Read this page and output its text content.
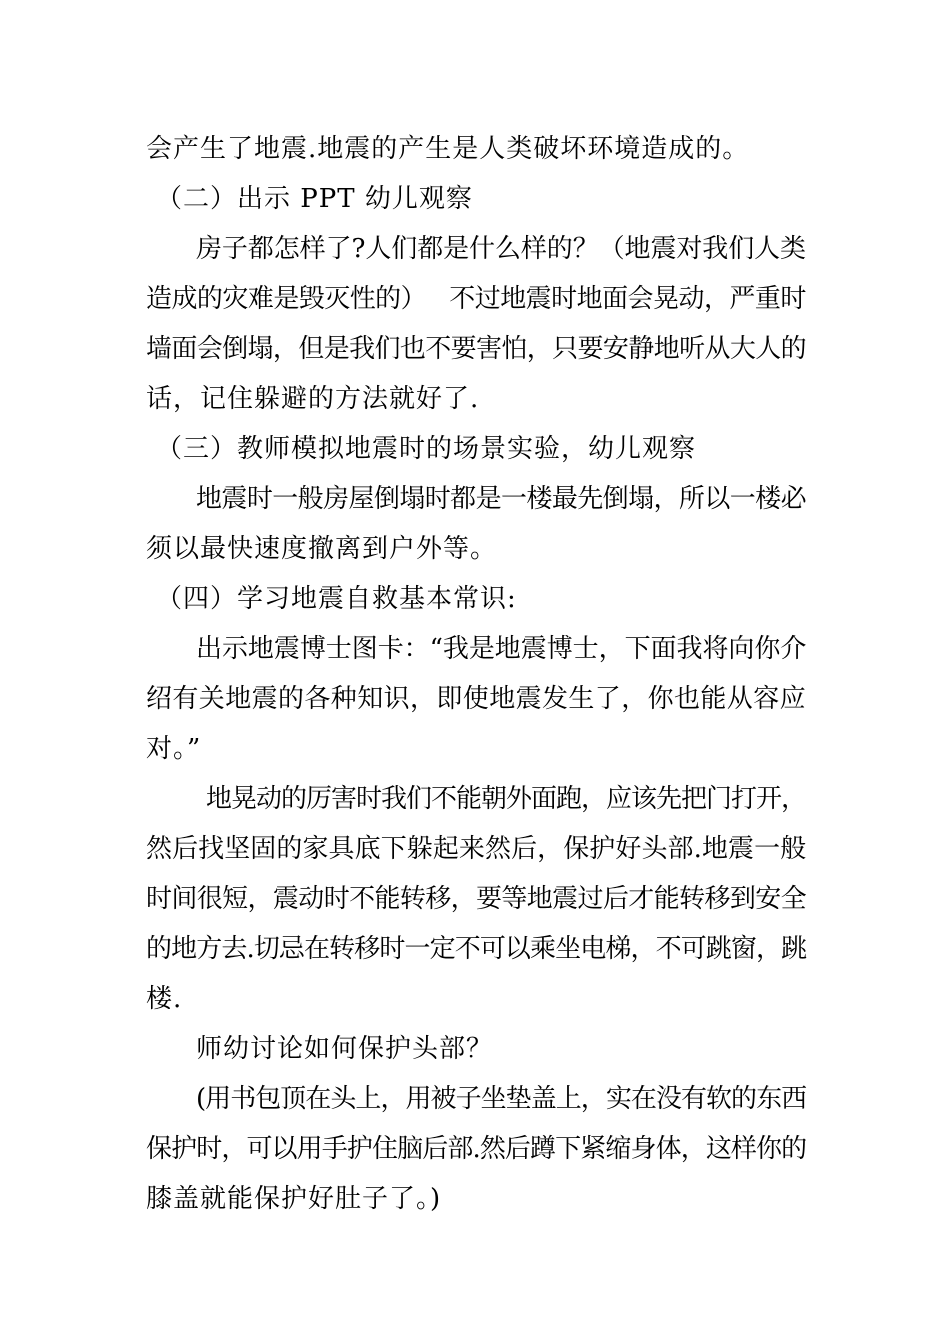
会产生了地震.地震的产生是人类破坏环境造成的。
（二）出示 PPT 幼儿观察
房子都怎样了?人们都是什么样的？（地震对我们人类
造成的灾难是毁灭性的）   不过地震时地面会晃动，严重时
墙面会倒塌，但是我们也不要害怕，只要安静地听从大人的
话，记住躲避的方法就好了.
（三）教师模拟地震时的场景实验，幼儿观察
地震时一般房屋倒塌时都是一楼最先倒塌，所以一楼必
须以最快速度撤离到户外等。
（四）学习地震自救基本常识:
出示地震博士图卡：“我是地震博士，下面我将向你介
绍有关地震的各种知识，即使地震发生了，你也能从容应
对。”
地晃动的厉害时我们不能朝外面跑，应该先把门打开，
然后找坚固的家具底下躲起来然后，保护好头部.地震一般
时间很短，震动时不能转移，要等地震过后才能转移到安全
的地方去.切忌在转移时一定不可以乘坐电梯，不可跳窗，跳
楼.
师幼讨论如何保护头部？
(用书包顶在头上，用被子坐垫盖上，实在没有软的东西
保护时，可以用手护住脑后部.然后蹲下紧缩身体，这样你的
膝盖就能保护好肚子了。)
